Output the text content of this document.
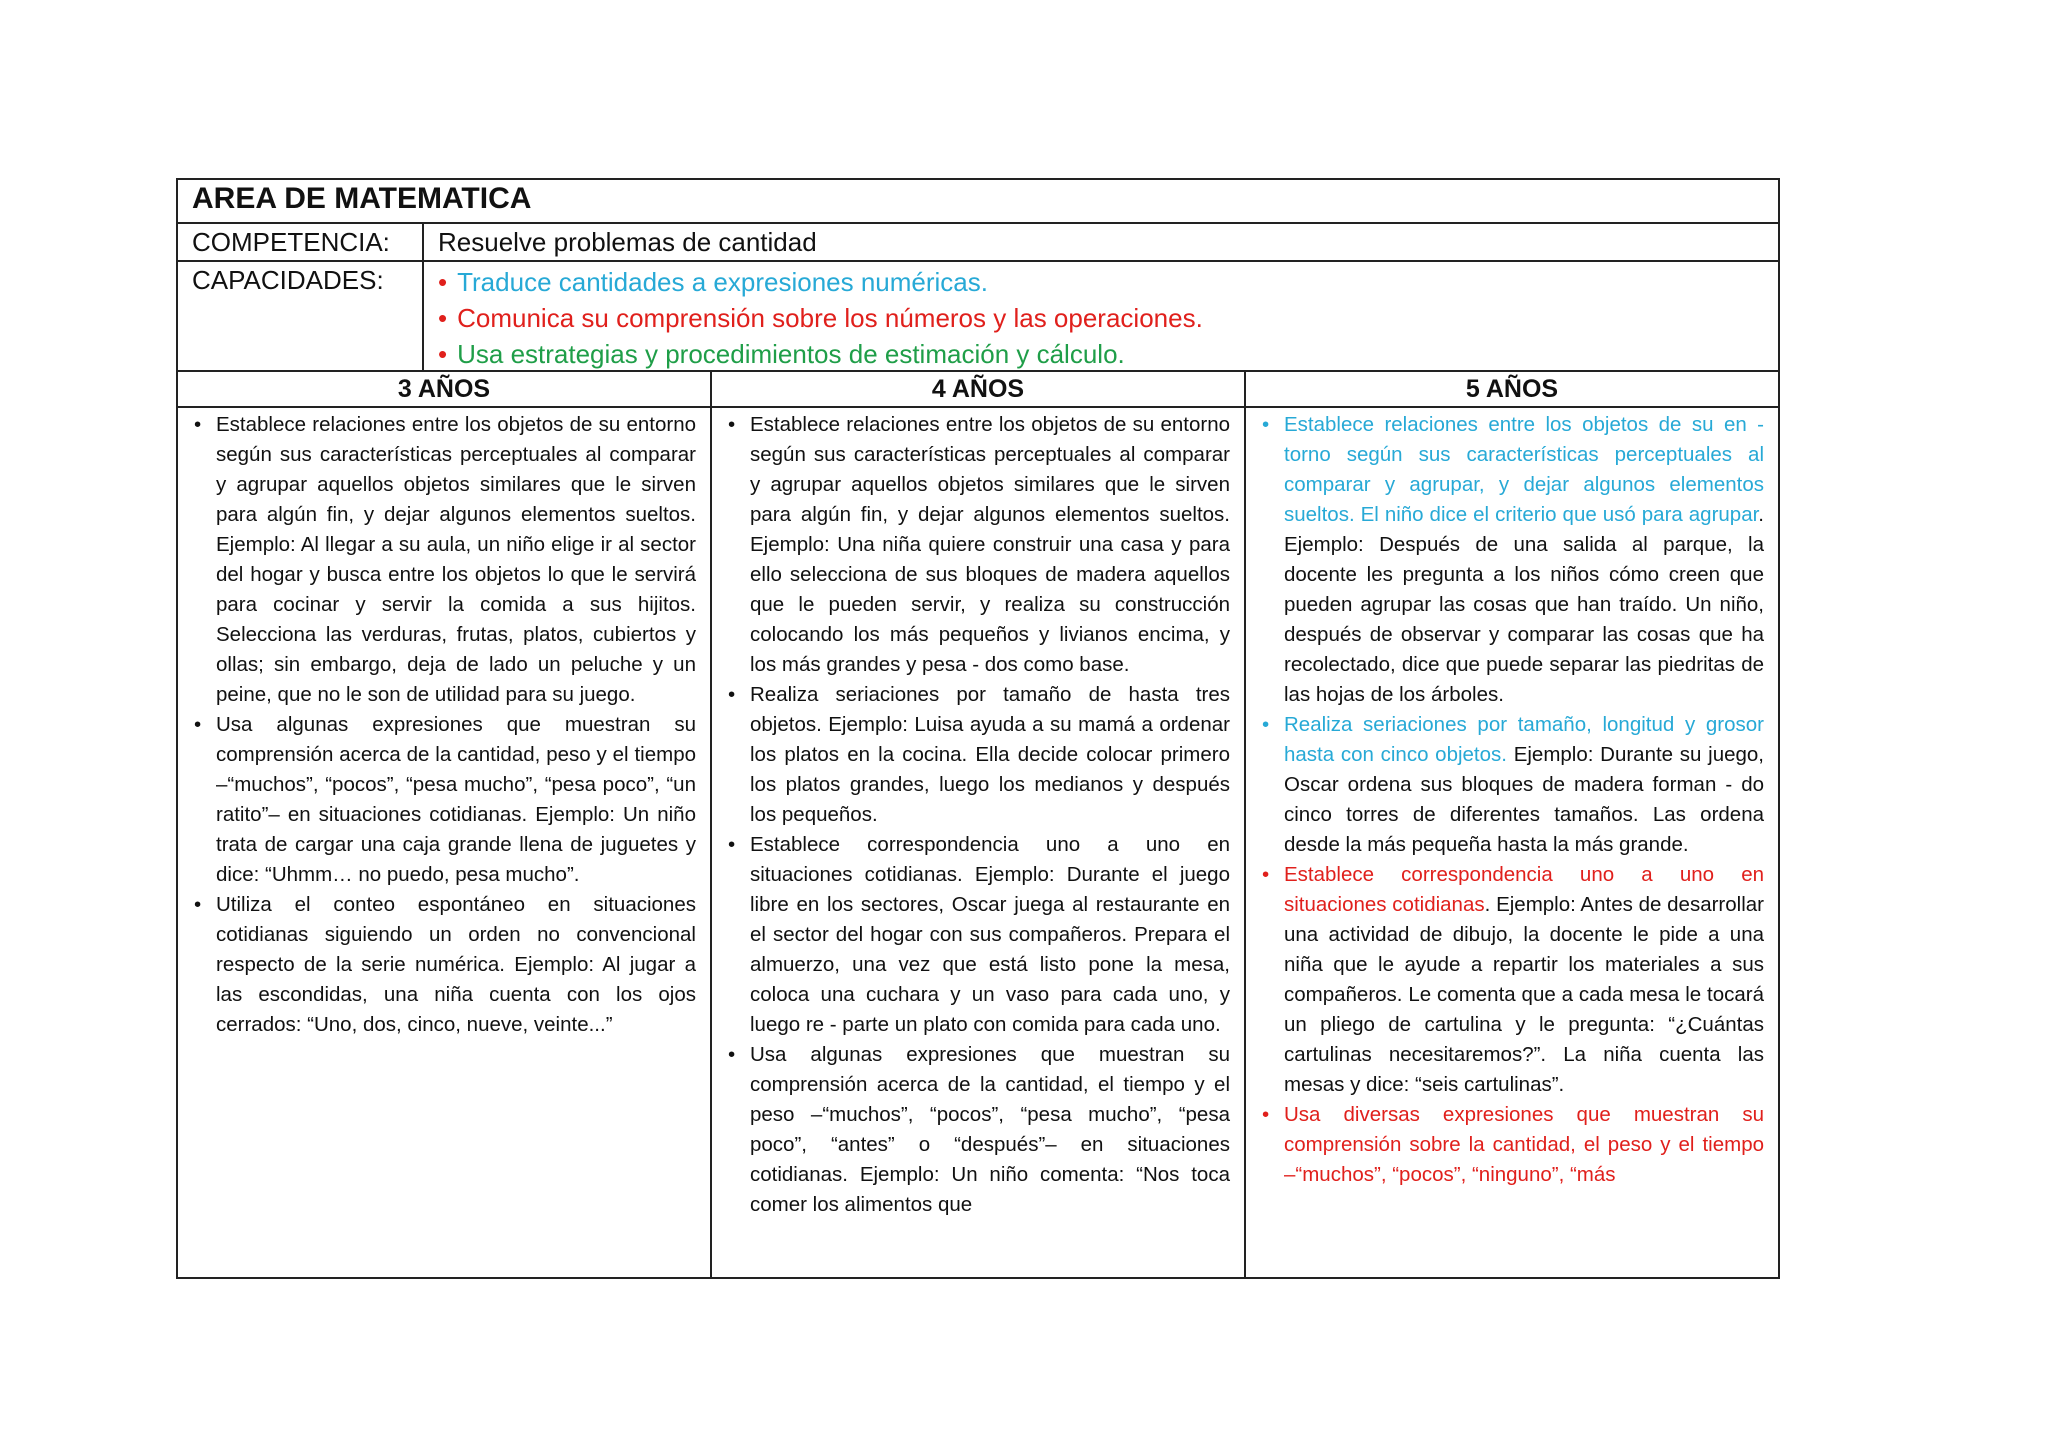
AREA DE MATEMATICA
COMPETENCIA: Resuelve problemas de cantidad
CAPACIDADES:
•	Traduce cantidades a expresiones numéricas.
• Comunica su comprensión sobre los números y las operaciones.
• Usa estrategias y procedimientos de estimación y cálculo.
3 AÑOS	4 AÑOS	5 AÑOS
• Establece relaciones entre los objetos de su entorno según sus características perceptuales al comparar y agrupar aquellos objetos similares que le sirven para algún fin, y dejar algunos elementos sueltos. Ejemplo: Al llegar a su aula, un niño elige ir al sector del hogar y busca entre los objetos lo que le servirá para cocinar y servir la comida a sus hijitos. Selecciona las verduras, frutas, platos, cubiertos y ollas; sin embargo, deja de lado un peluche y un peine, que no le son de utilidad para su juego.
• Usa algunas expresiones que muestran su comprensión acerca de la cantidad, peso y el tiempo –“muchos”, “pocos”, “pesa mucho”, “pesa poco”, “un ratito”– en situaciones cotidianas. Ejemplo: Un niño trata de cargar una caja grande llena de juguetes y dice: “Uhmm… no puedo, pesa mucho”.
• Utiliza el conteo espontáneo en situaciones cotidianas siguiendo un orden no convencional respecto de la serie numérica. Ejemplo: Al jugar a las escondidas, una niña cuenta con los ojos cerrados: “Uno, dos, cinco, nueve, veinte...”
• Establece relaciones entre los objetos de su entorno según sus características perceptuales al comparar y agrupar aquellos objetos similares que le sirven para algún fin, y dejar algunos elementos sueltos. Ejemplo: Una niña quiere construir una casa y para ello selecciona de sus bloques de madera aquellos que le pueden servir, y realiza su construcción colocando los más pequeños y livianos encima, y los más grandes y pesa - dos como base.
• Realiza seriaciones por tamaño de hasta tres objetos. Ejemplo: Luisa ayuda a su mamá a ordenar los platos en la cocina. Ella decide colocar primero los platos grandes, luego los medianos y después los pequeños.
• Establece correspondencia uno a uno en situaciones cotidianas. Ejemplo: Durante el juego libre en los sectores, Oscar juega al restaurante en el sector del hogar con sus compañeros. Prepara el almuerzo, una vez que está listo pone la mesa, coloca una cuchara y un vaso para cada uno, y luego re - parte un plato con comida para cada uno.
• Usa algunas expresiones que muestran su comprensión acerca de la cantidad, el tiempo y el peso –“muchos”, “pocos”, “pesa mucho”, “pesa poco”, “antes” o “después”– en situaciones cotidianas. Ejemplo: Un niño comenta: “Nos toca comer los alimentos que
• Establece relaciones entre los objetos de su en - torno según sus características perceptuales al comparar y agrupar, y dejar algunos elementos sueltos. El niño dice el criterio que usó para agrupar. Ejemplo: Después de una salida al parque, la docente les pregunta a los niños cómo creen que pueden agrupar las cosas que han traído. Un niño, después de observar y comparar las cosas que ha recolectado, dice que puede separar las piedritas de las hojas de los árboles.
• Realiza seriaciones por tamaño, longitud y grosor hasta con cinco objetos. Ejemplo: Durante su juego, Oscar ordena sus bloques de madera forman - do cinco torres de diferentes tamaños. Las ordena desde la más pequeña hasta la más grande.
• Establece correspondencia uno a uno en situaciones cotidianas. Ejemplo: Antes de desarrollar una actividad de dibujo, la docente le pide a una niña que le ayude a repartir los materiales a sus compañeros. Le comenta que a cada mesa le tocará un pliego de cartulina y le pregunta: “¿Cuántas cartulinas necesitaremos?”. La niña cuenta las mesas y dice: “seis cartulinas”.
• Usa diversas expresiones que muestran su comprensión sobre la cantidad, el peso y el tiempo –“muchos”, “pocos”, “ninguno”, “más
